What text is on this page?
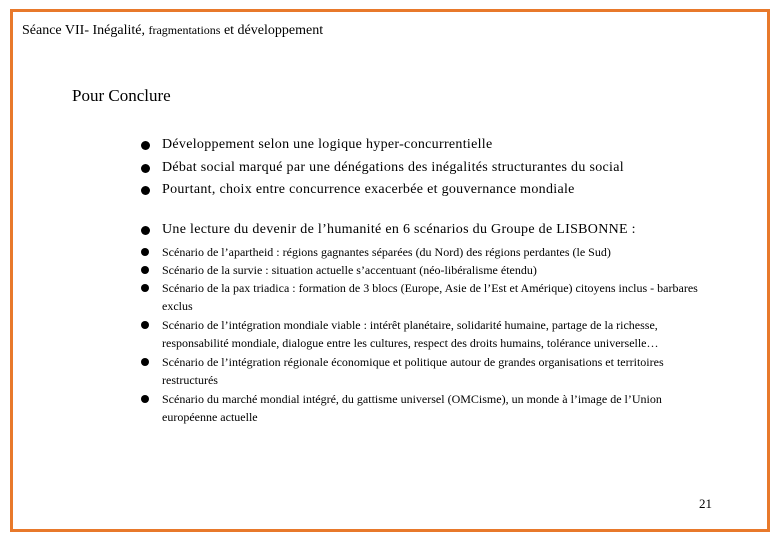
Séance VII- Inégalité, fragmentations et développement
Pour Conclure
Développement selon une logique hyper-concurrentielle
Débat social marqué par une dénégations des inégalités structurantes du social
Pourtant, choix entre concurrence exacerbée et gouvernance mondiale
Une lecture du devenir de l’humanité en 6 scénarios du Groupe de LISBONNE :
Scénario de l’apartheid : régions gagnantes séparées (du Nord) des régions perdantes (le Sud)
Scénario de la survie : situation actuelle s’accentuant (néo-libéralisme étendu)
Scénario de la pax triadica : formation de 3 blocs (Europe, Asie de l’Est et Amérique) citoyens inclus - barbares exclus
Scénario de l’intégration mondiale viable : intérêt planétaire, solidarité humaine, partage de la richesse, responsabilité mondiale, dialogue entre les cultures, respect des droits humains, tolérance universelle…
Scénario de l’intégration régionale économique et politique autour de grandes organisations et territoires restructurés
Scénario du marché mondial intégré, du gattisme universel (OMCisme), un monde à l’image de l’Union européenne actuelle
21
